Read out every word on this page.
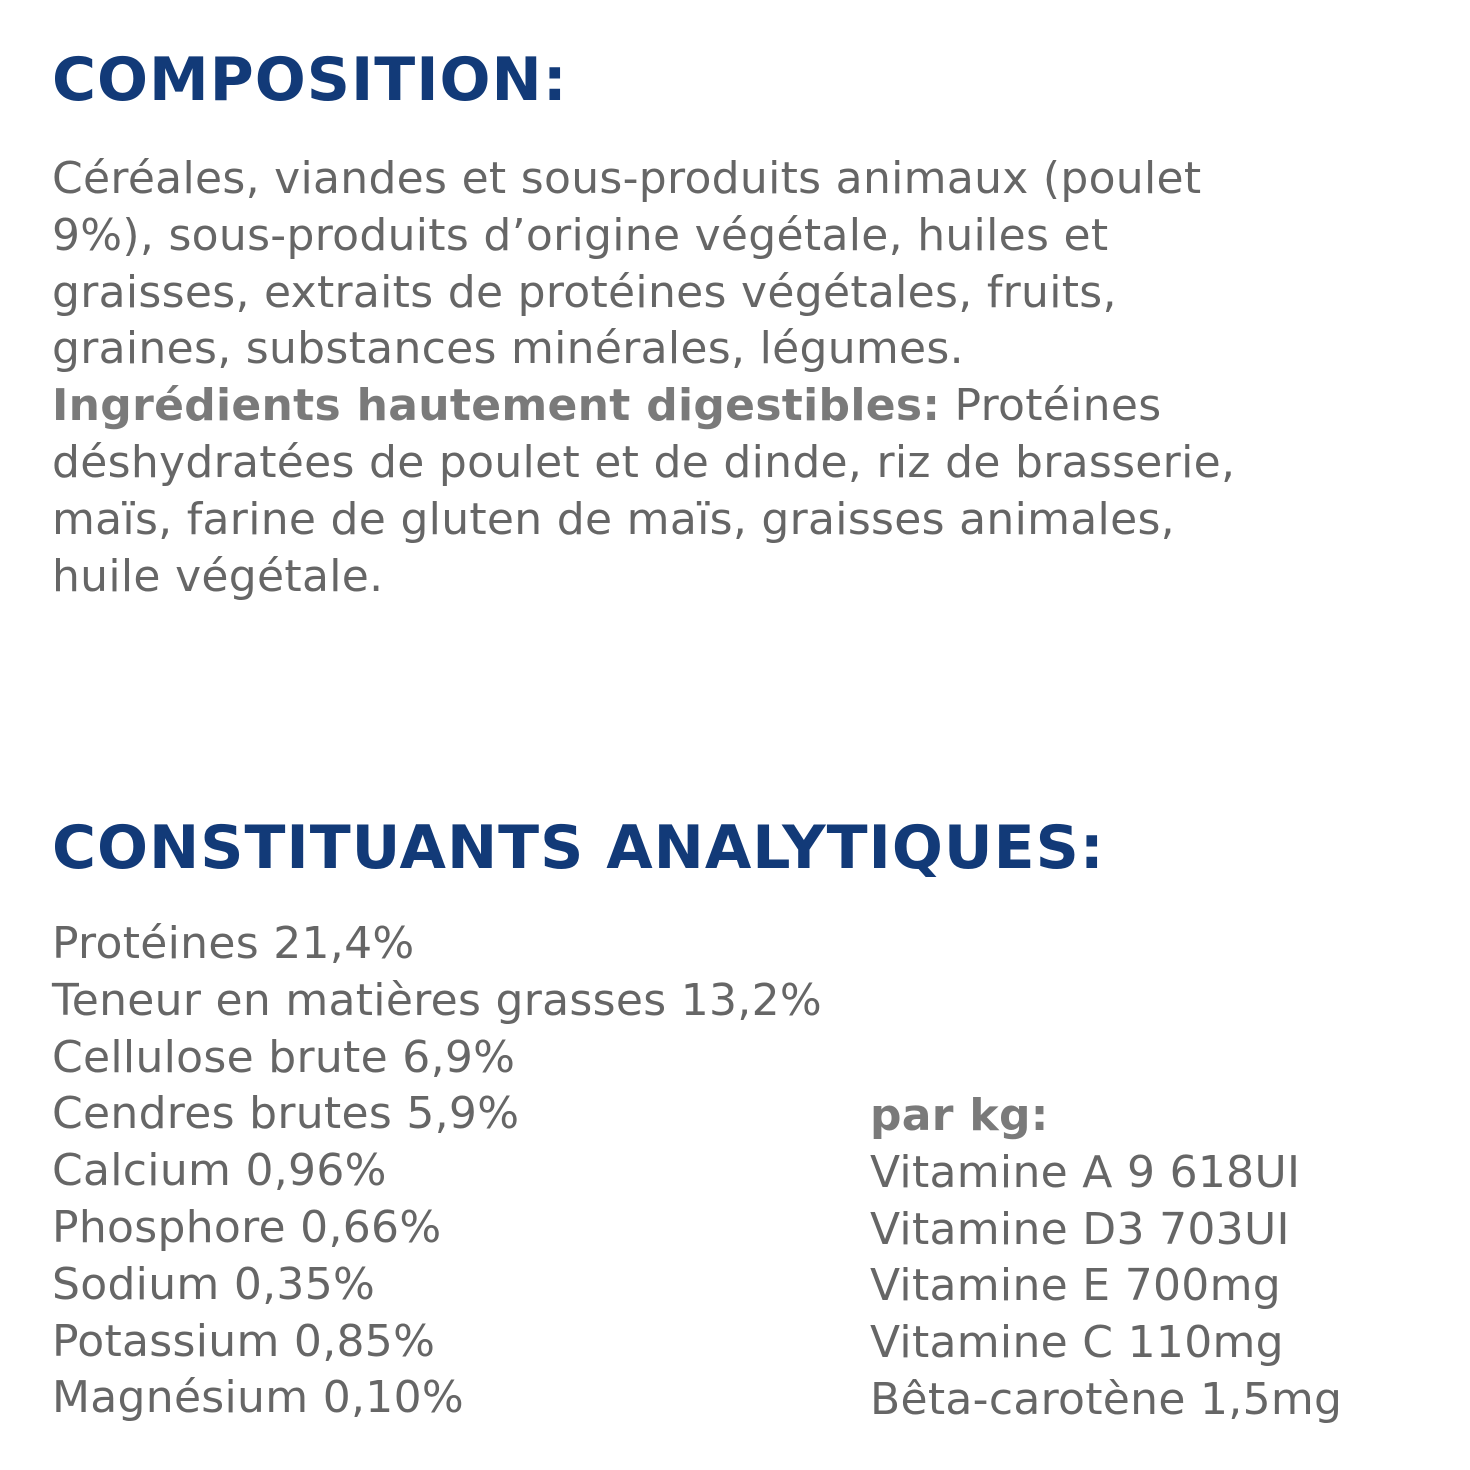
COMPOSITION:
Céréales, viandes et sous-produits animaux (poulet
9%), sous-produits d’origine végétale, huiles et
graisses, extraits de protéines végétales, fruits,
graines, substances minérales, légumes.
Ingrédients hautement digestibles: Protéines
déshydratées de poulet et de dinde, riz de brasserie,
maïs, farine de gluten de maïs, graisses animales,
huile végétale.
CONSTITUANTS ANALYTIQUES:
Protéines 21,4%
Teneur en matières grasses 13,2%
Cellulose brute 6,9%
Cendres brutes 5,9%
Calcium 0,96%
Phosphore 0,66%
Sodium 0,35%
Potassium 0,85%
Magnésium 0,10%
par kg:
Vitamine A 9 618UI
Vitamine D3 703UI
Vitamine E 700mg
Vitamine C 110mg
Bêta-carotène 1,5mg
